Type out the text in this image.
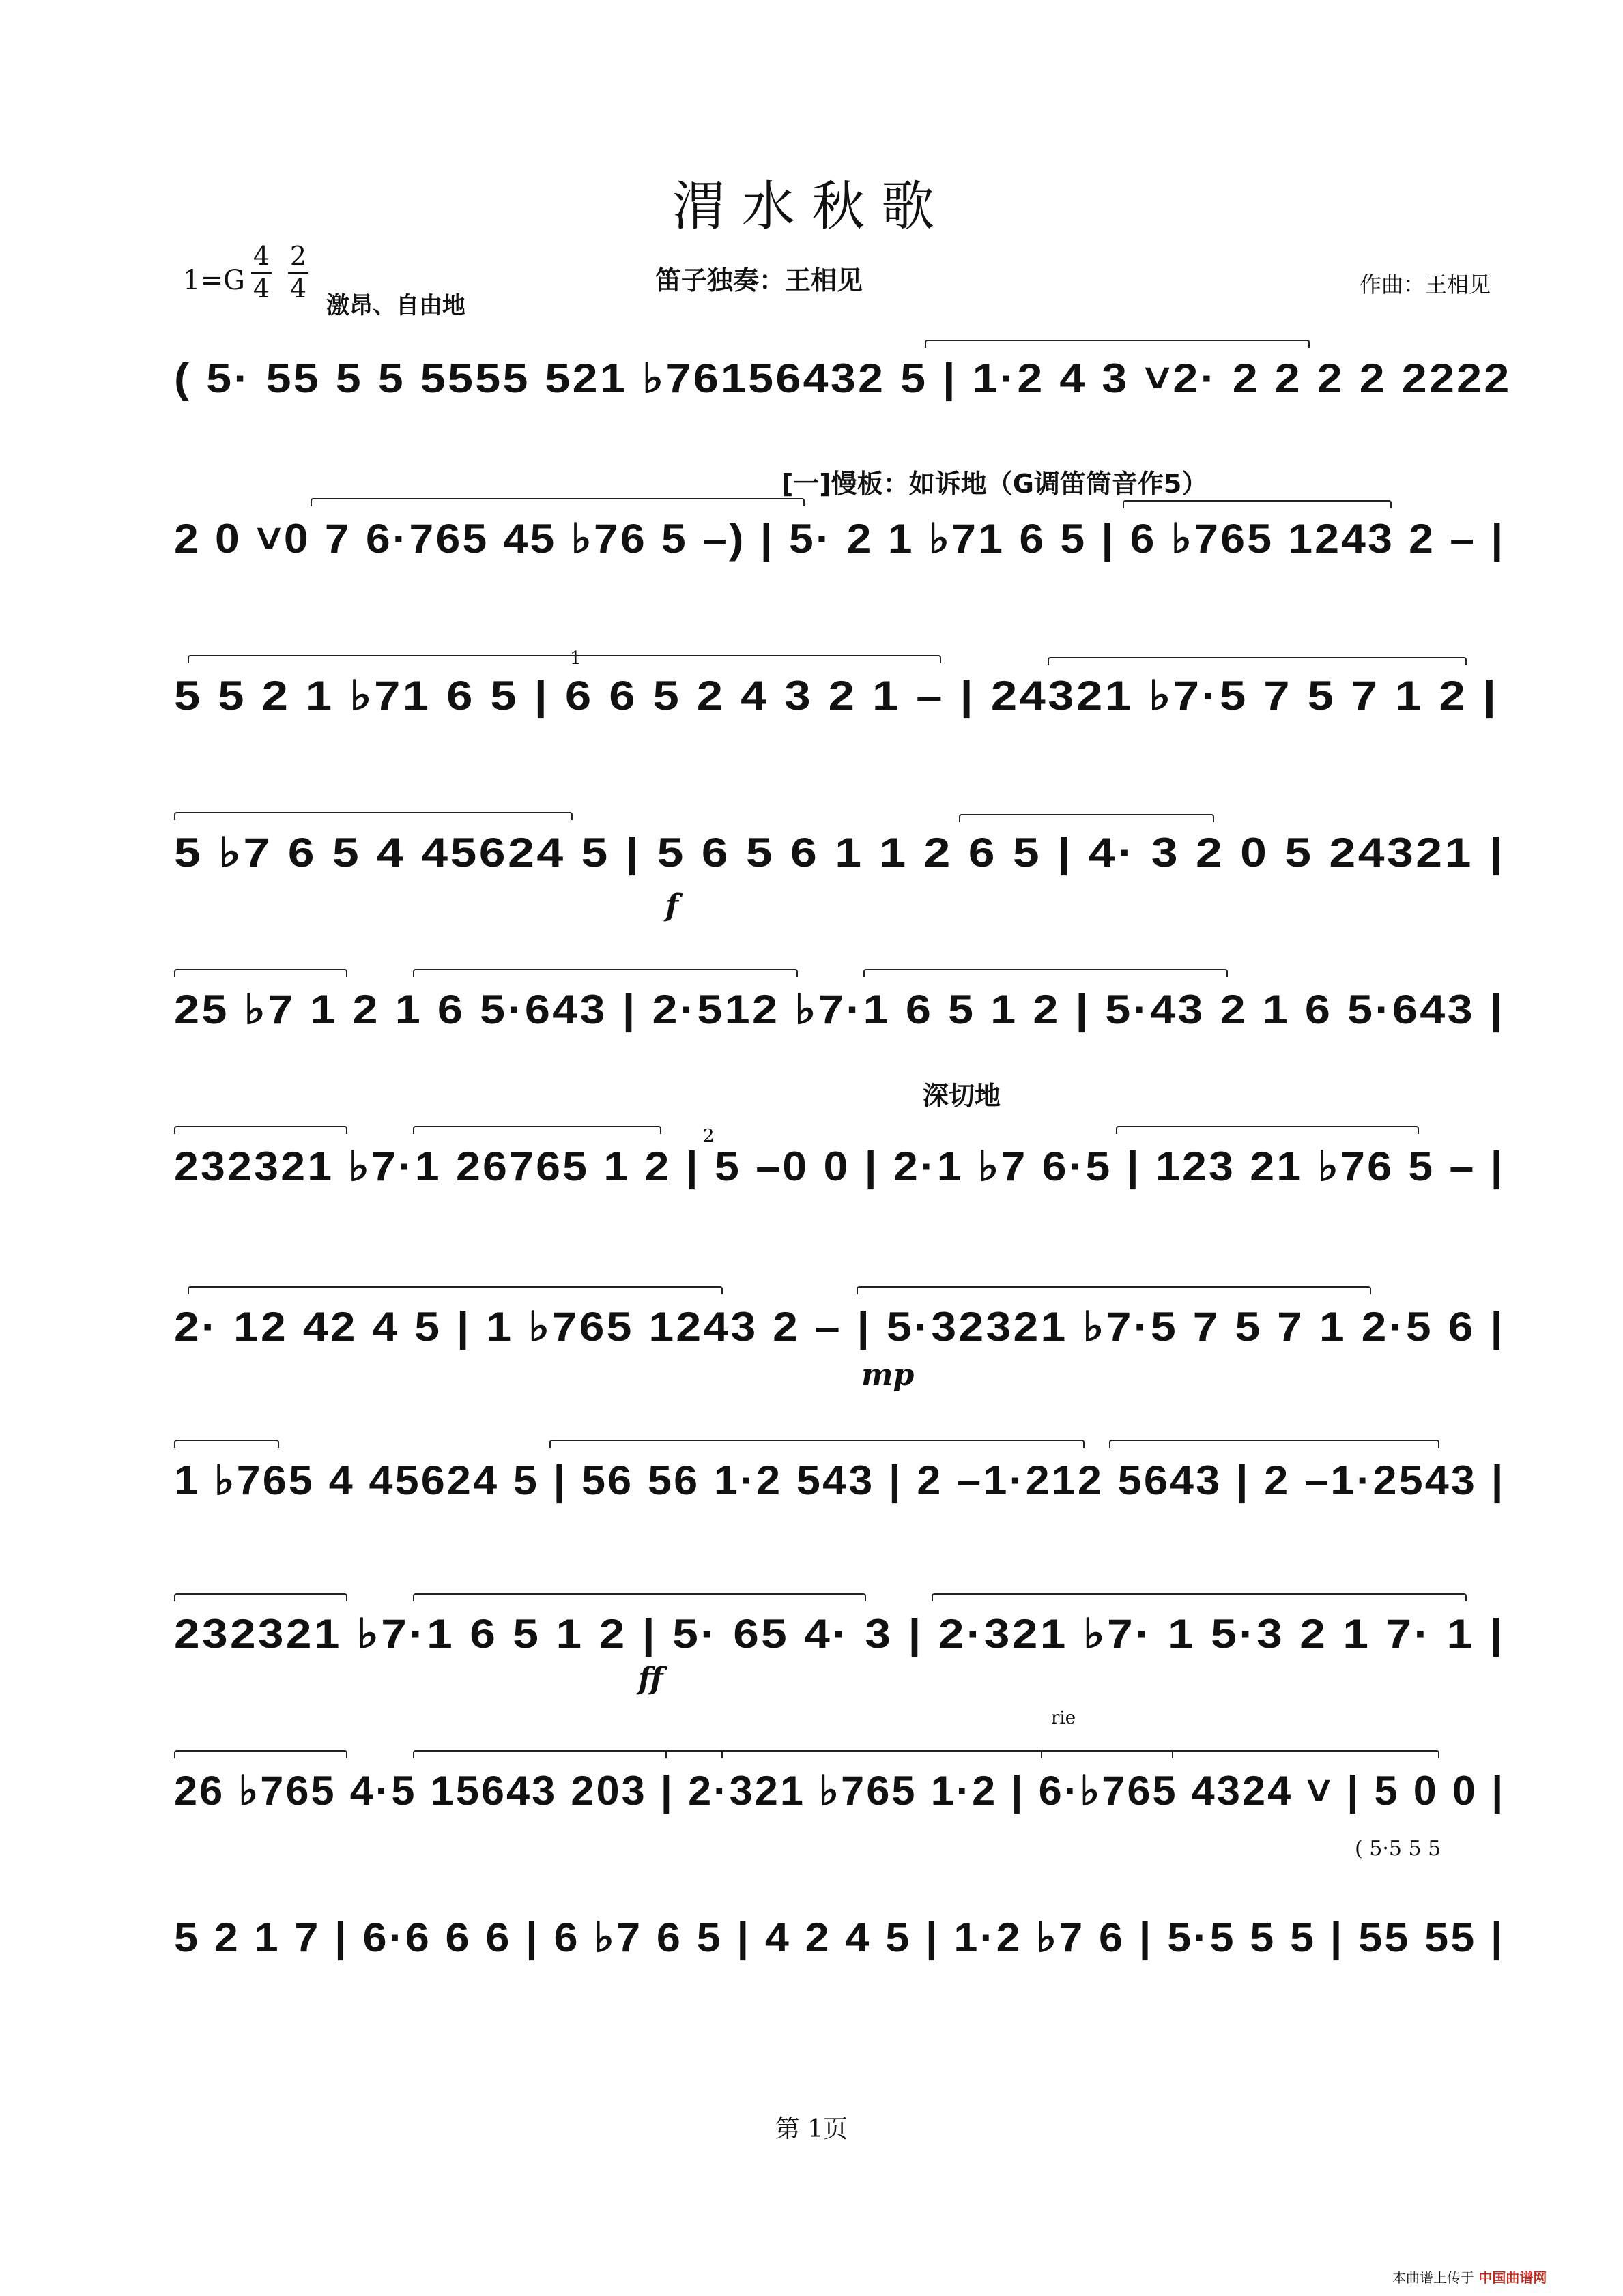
渭水秋歌
1=G
4
4
2
4
激昂、自由地
笛子独奏：王相见	作曲：王相见
[一]慢板：如诉地（G调笛筒音作5）
深切地
f
mp
ff
rie
1
2
( 5·5 5 5
( 5· 55 5 5 5555 521 ♭76156432 5 | 1·2 4 3 ˅2· 2 2 2 2 2222
2 0 ˅0 7 6·765 45 ♭76 5 –) | 5· 2 1 ♭71 6 5 | 6 ♭765 1243 2 – |
5 5 2 1 ♭71 6 5 | 6 6 5 2 4 3 2 1 – | 24321 ♭7·5 7 5 7 1 2 |
5 ♭7 6 5 4 45624 5 | 5 6 5 6 1 1 2 6 5 | 4· 3 2 0 5 24321 |
25 ♭7 1 2 1 6 5·643 | 2·512 ♭7·1 6 5 1 2 | 5·43 2 1 6 5·643 |
232321 ♭7·1 26765 1 2 | 5 –0 0 | 2·1 ♭7 6·5 | 123 21 ♭76 5 – |
2· 12 42 4 5 | 1 ♭765 1243 2 – | 5·32321 ♭7·5 7 5 7 1 2·5 6 |
1 ♭765 4 45624 5 | 56 56 1·2 543 | 2 –1·212 5643 | 2 –1·2543 |
232321 ♭7·1 6 5 1 2 | 5· 65 4· 3 | 2·321 ♭7· 1 5·3 2 1 7· 1 |
26 ♭765 4·5 15643 203 | 2·321 ♭765 1·2 | 6·♭765 4324 ˅ | 5 0 0 |
5 2 1 7 | 6·6 6 6 | 6 ♭7 6 5 | 4 2 4 5 | 1·2 ♭7 6 | 5·5 5 5 | 55 55 |
第 1页
本曲谱上传于 中国曲谱网
